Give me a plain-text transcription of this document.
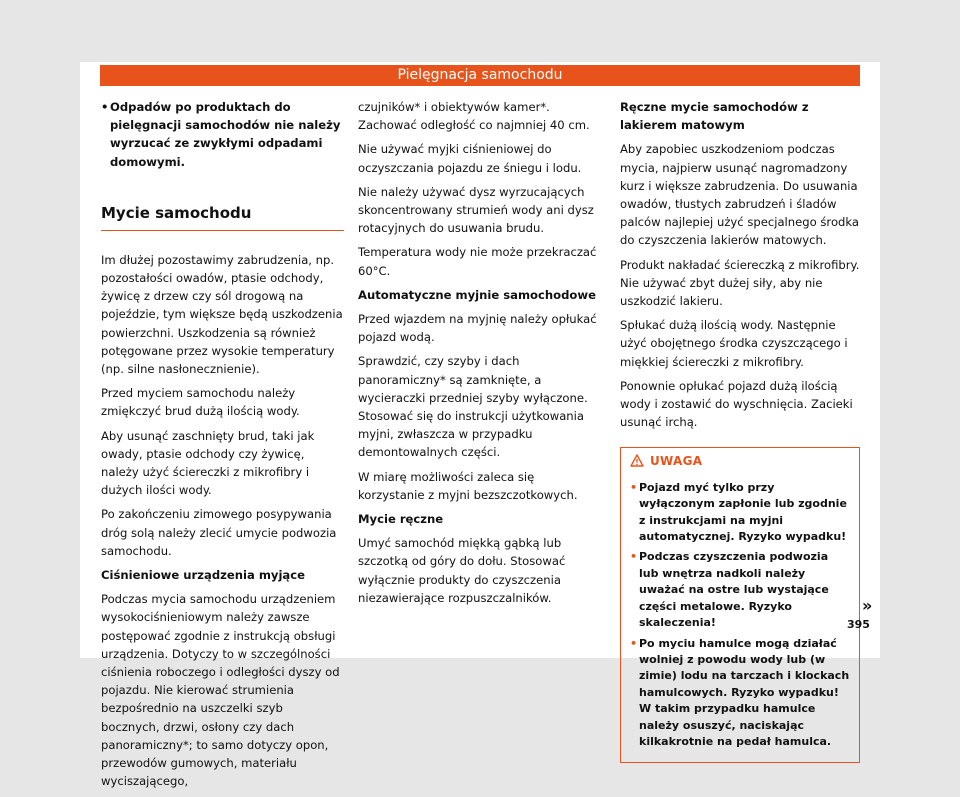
Pielęgnacja samochodu

• Odpadów po produktach do pielęgnacji samochodów nie należy wyrzucać ze zwykłymi odpadami domowymi.

Mycie samochodu

Im dłużej pozostawimy zabrudzenia, np. pozostałości owadów, ptasie odchody, żywicę z drzew czy sól drogową na pojeździe, tym większe będą uszkodzenia powierzchni. Uszkodzenia są również potęgowane przez wysokie temperatury (np. silne nasłonecznienie).

Przed myciem samochodu należy zmiękczyć brud dużą ilością wody.

Aby usunąć zaschnięty brud, taki jak owady, ptasie odchody czy żywicę, należy użyć ściereczki z mikrofibry i dużych ilości wody.

Po zakończeniu zimowego posypywania dróg solą należy zlecić umycie podwozia samochodu.

Ciśnieniowe urządzenia myjące

Podczas mycia samochodu urządzeniem wysokociśnieniowym należy zawsze postępować zgodnie z instrukcją obsługi urządzenia. Dotyczy to w szczególności ciśnienia roboczego i odległości dyszy od pojazdu. Nie kierować strumienia bezpośrednio na uszczelki szyb bocznych, drzwi, osłony czy dach panoramiczny*; to samo dotyczy opon, przewodów gumowych, materiału wyciszającego,

czujników* i obiektywów kamer*. Zachować odległość co najmniej 40 cm.

Nie używać myjki ciśnieniowej do oczyszczania pojazdu ze śniegu i lodu.

Nie należy używać dysz wyrzucających skoncentrowany strumień wody ani dysz rotacyjnych do usuwania brudu.

Temperatura wody nie może przekraczać 60°C.

Automatyczne myjnie samochodowe

Przed wjazdem na myjnię należy opłukać pojazd wodą.

Sprawdzić, czy szyby i dach panoramiczny* są zamknięte, a wycieraczki przedniej szyby wyłączone. Stosować się do instrukcji użytkowania myjni, zwłaszcza w przypadku demontowalnych części.

W miarę możliwości zaleca się korzystanie z myjni bezszczotkowych.

Mycie ręczne

Umyć samochód miękką gąbką lub szczotką od góry do dołu. Stosować wyłącznie produkty do czyszczenia niezawierające rozpuszczalników.

Ręczne mycie samochodów z lakierem matowym

Aby zapobiec uszkodzeniom podczas mycia, najpierw usunąć nagromadzony kurz i większe zabrudzenia. Do usuwania owadów, tłustych zabrudzeń i śladów palców najlepiej użyć specjalnego środka do czyszczenia lakierów matowych.

Produkt nakładać ściereczką z mikrofibry. Nie używać zbyt dużej siły, aby nie uszkodzić lakieru.

Spłukać dużą ilością wody. Następnie użyć obojętnego środka czyszczącego i miękkiej ściereczki z mikrofibry.

Ponownie opłukać pojazd dużą ilością wody i zostawić do wyschnięcia. Zacieki usunąć irchą.

UWAGA

• Pojazd myć tylko przy wyłączonym zapłonie lub zgodnie z instrukcjami na myjni automatycznej. Ryzyko wypadku!

• Podczas czyszczenia podwozia lub wnętrza nadkoli należy uważać na ostre lub wystające części metalowe. Ryzyko skaleczenia!

• Po myciu hamulce mogą działać wolniej z powodu wody lub (w zimie) lodu na tarczach i klockach hamulcowych. Ryzyko wypadku! W takim przypadku hamulce należy osuszyć, naciskając kilkakrotnie na pedał hamulca.

»
395
